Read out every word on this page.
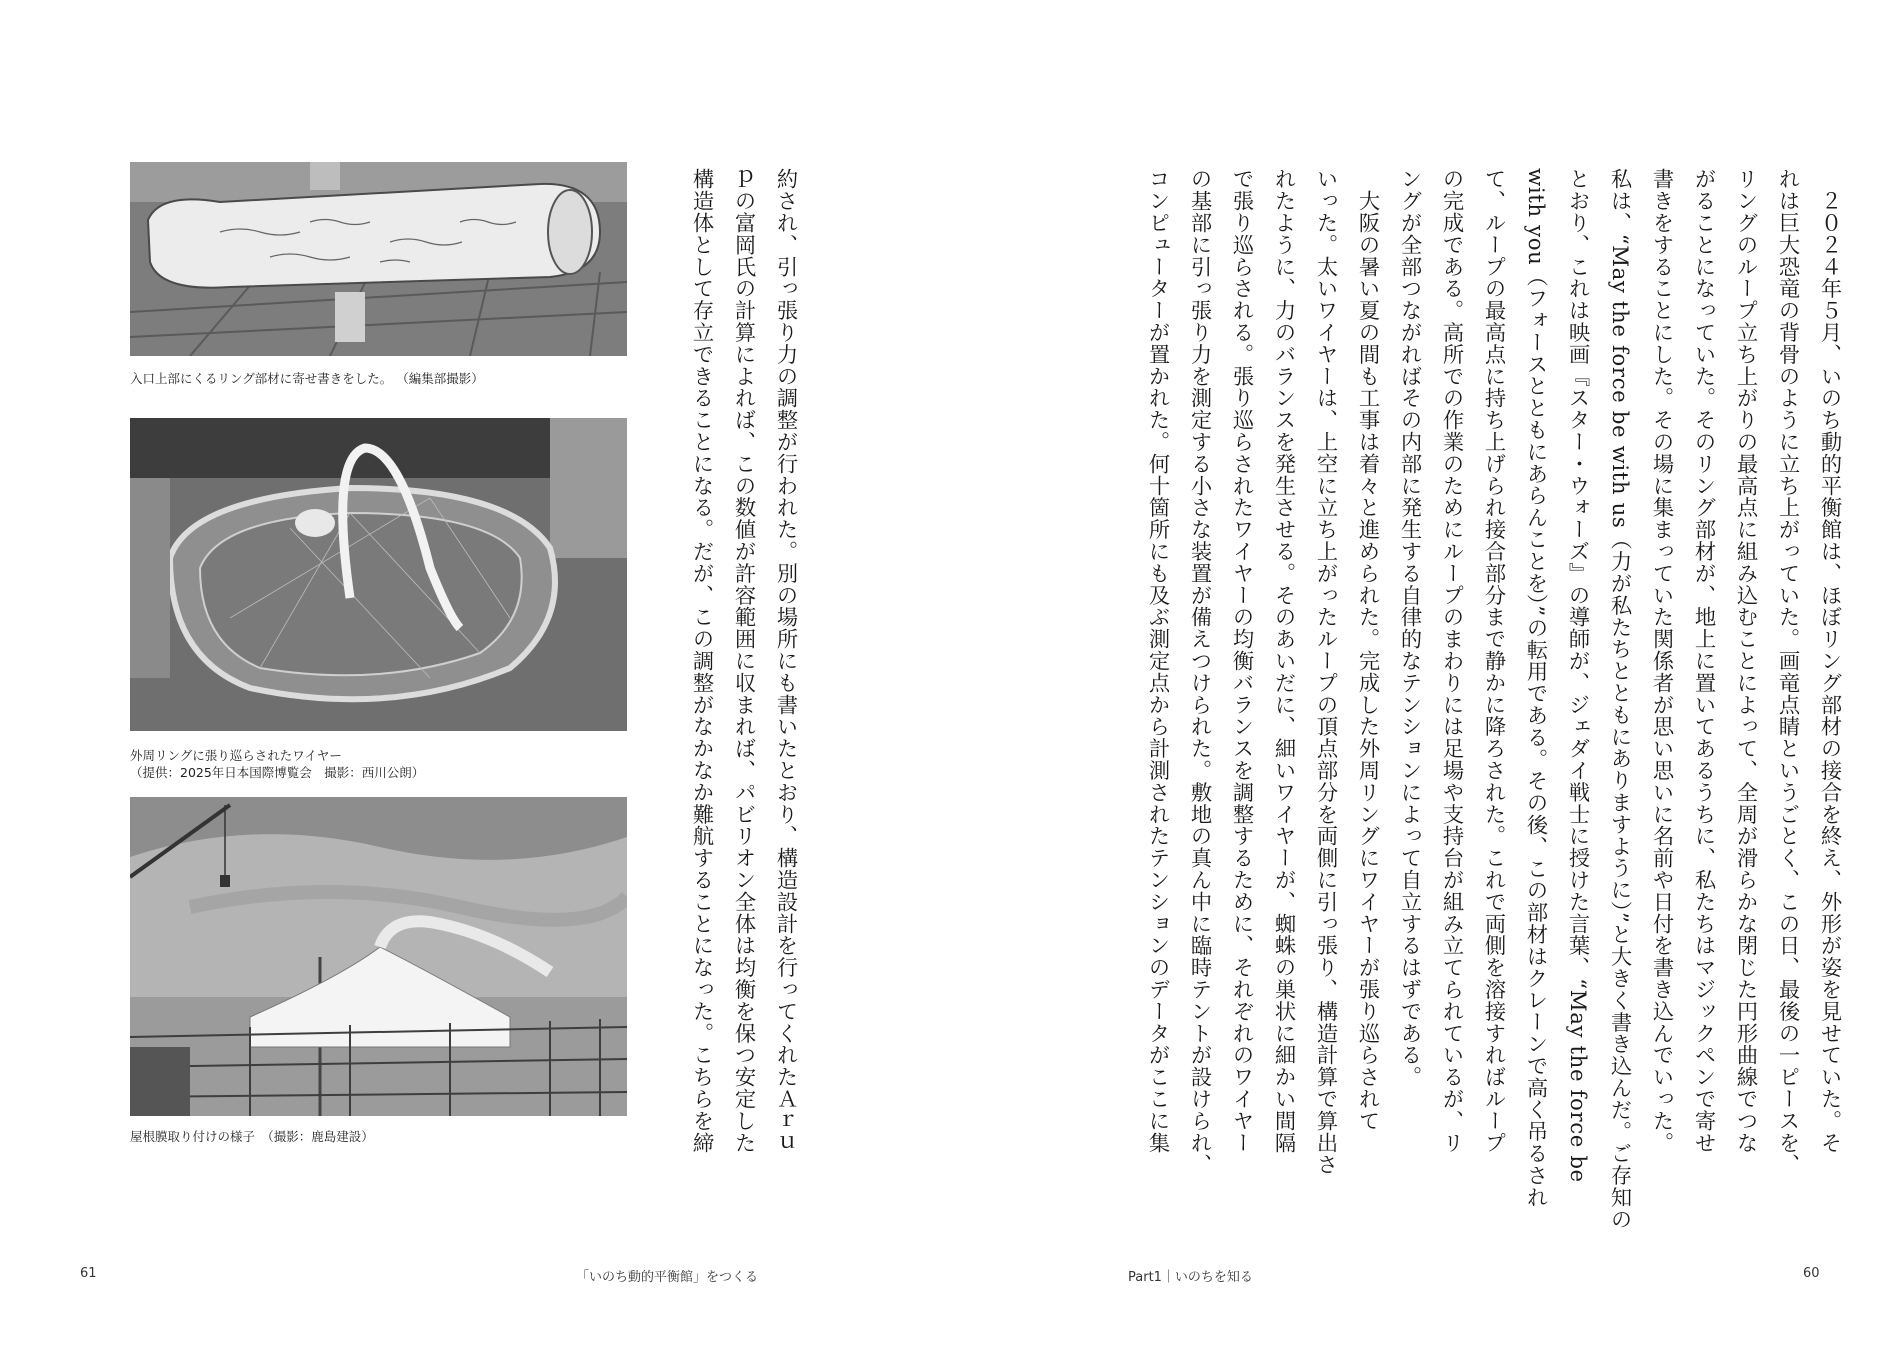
入口上部にくるリング部材に寄せ書きをした。 （編集部撮影）
外周リングに張り巡らされたワイヤー
（提供：2025年日本国際博覧会　撮影：西川公朗）
屋根膜取り付けの様子　（撮影：鹿島建設）	約され、引っ張り力の調整が行われた。別の場所にも書いたとおり、構造設計を行ってくれたＡｒｕ

ｐの富岡氏の計算によれば、この数値が許容範囲に収まれば、パビリオン全体は均衡を保つ安定した

構造体として存立できることになる。だが、この調整がなかなか難航することになった。こちらを締

61	「いのち動的平衡館」をつくる

　２０２４年５月、いのち動的平衡館は、ほぼリング部材の接合を終え、外形が姿を見せていた。そ

れは巨大恐竜の背骨のように立ち上がっていた。画竜点睛というごとく、この日、最後の一ピースを、

リングのループ立ち上がりの最高点に組み込むことによって、全周が滑らかな閉じた円形曲線でつな

がることになっていた。そのリング部材が、地上に置いてあるうちに、私たちはマジックペンで寄せ

書きをすることにした。その場に集まっていた関係者が思い思いに名前や日付を書き込んでいった。

私は、“May the force be with us（力が私たちとともにありますように）”と大きく書き込んだ。ご存知の

とおり、これは映画『スター・ウォーズ』の導師が、ジェダイ戦士に授けた言葉、“May the force be

with you（フォースとともにあらんことを）”の転用である。その後、この部材はクレーンで高く吊るされ

て、ループの最高点に持ち上げられ接合部分まで静かに降ろされた。これで両側を溶接すればループ

の完成である。高所での作業のためにループのまわりには足場や支持台が組み立てられているが、リ

ングが全部つながればその内部に発生する自律的なテンションによって自立するはずである。

　大阪の暑い夏の間も工事は着々と進められた。完成した外周リングにワイヤーが張り巡らされて

いった。太いワイヤーは、上空に立ち上がったループの頂点部分を両側に引っ張り、構造計算で算出さ

れたように、力のバランスを発生させる。そのあいだに、細いワイヤーが、蜘蛛の巣状に細かい間隔

で張り巡らされる。張り巡らされたワイヤーの均衡バランスを調整するために、それぞれのワイヤー

の基部に引っ張り力を測定する小さな装置が備えつけられた。敷地の真ん中に臨時テントが設けられ、

コンピューターが置かれた。何十箇所にも及ぶ測定点から計測されたテンションのデータがここに集

Part1｜いのちを知る	60
